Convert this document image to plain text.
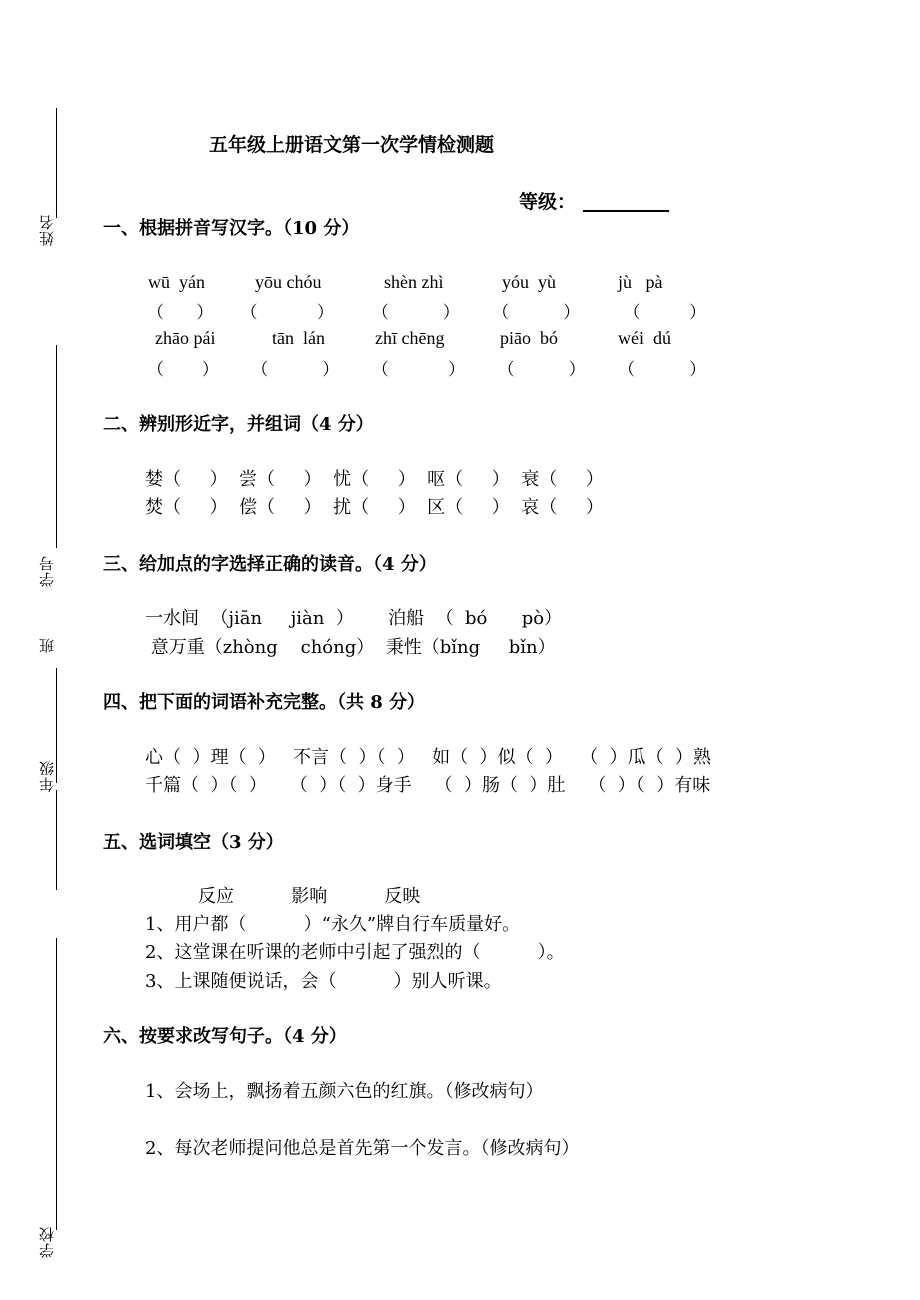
姓名
学号
班
年级
学校
五年级上册语文第一次学情检测题
等级：
一、根据拼音写汉字。（10 分）
wū  yán	yōu chóu	shèn zhì	yóu  yù	jù   pà
（      ）     （           ）       （          ）      （          ）        （         ）
zhāo pái	tān  lán	zhī chēng	piāo  bó	wéi  dú
（       ）      （          ）      （           ）      （          ）      （          ）
二、辨别形近字，并组词（4 分）
婪（     ）  尝（     ）  忧（     ）  呕（     ）  衰（     ）
焚（     ）  偿（     ）  扰（     ）  区（     ）  哀（     ）
三、给加点的字选择正确的读音。（4 分）
一水间  （jiān     jiàn  ）      泊船  （  bó      pò）
意万重（zhòng    chóng）  秉性（bǐng     bǐn）
四、把下面的词语补充完整。（共 8 分）
心（  ）理（  ）   不言（  ）（  ）   如（  ）似（  ）   （  ）瓜（  ）熟
千篇（  ）（  ）    （  ）（  ）身手    （  ）肠（  ）肚    （  ）（  ）有味
五、选词填空（3 分）
反应          影响          反映
1、用户都（          ）“永久”牌自行车质量好。
2、这堂课在听课的老师中引起了强烈的（          ）。
3、上课随便说话，会（          ）别人听课。
六、按要求改写句子。（4 分）
1、会场上，飘扬着五颜六色的红旗。（修改病句）
2、每次老师提问他总是首先第一个发言。（修改病句）
